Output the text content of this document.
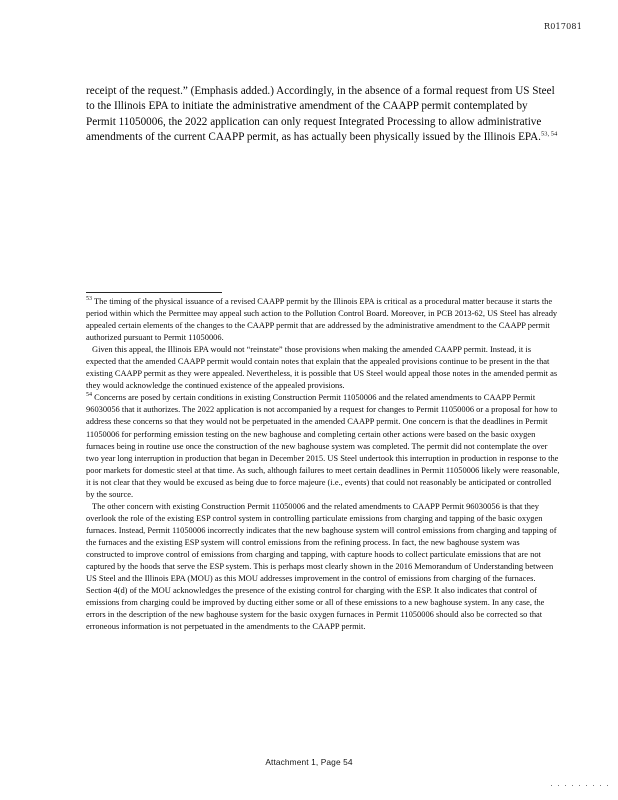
R017081
receipt of the request.” (Emphasis added.) Accordingly, in the absence of a formal request from US Steel to the Illinois EPA to initiate the administrative amendment of the CAAPP permit contemplated by Permit 11050006, the 2022 application can only request Integrated Processing to allow administrative amendments of the current CAAPP permit, as has actually been physically issued by the Illinois EPA.$^{53, 54}$

$^{53}$ The timing of the physical issuance of a revised CAAPP permit by the Illinois EPA is critical as a procedural matter because it starts the period within which the Permittee may appeal such action to the Pollution Control Board. Moreover, in PCB 2013-62, US Steel has already appealed certain elements of the changes to the CAAPP permit that are addressed by the administrative amendment to the CAAPP permit authorized pursuant to Permit 11050006.

Given this appeal, the Illinois EPA would not “reinstate” those provisions when making the amended CAAPP permit. Instead, it is expected that the amended CAAPP permit would contain notes that explain that the appealed provisions continue to be present in the that existing CAAPP permit as they were appealed. Nevertheless, it is possible that US Steel would appeal those notes in the amended permit as they would acknowledge the continued existence of the appealed provisions.

$^{54}$ Concerns are posed by certain conditions in existing Construction Permit 11050006 and the related amendments to CAAPP Permit 96030056 that it authorizes. The 2022 application is not accompanied by a request for changes to Permit 11050006 or a proposal for how to address these concerns so that they would not be perpetuated in the amended CAAPP permit. One concern is that the deadlines in Permit 11050006 for performing emission testing on the new baghouse and completing certain other actions were based on the basic oxygen furnaces being in routine use once the construction of the new baghouse system was completed. The permit did not contemplate the over two year long interruption in production that began in December 2015. US Steel undertook this interruption in production in response to the poor markets for domestic steel at that time. As such, although failures to meet certain deadlines in Permit 11050006 likely were reasonable, it is not clear that they would be excused as being due to force majeure (i.e., events) that could not reasonably be anticipated or controlled by the source.

The other concern with existing Construction Permit 11050006 and the related amendments to CAAPP Permit 96030056 is that they overlook the role of the existing ESP control system in controlling particulate emissions from charging and tapping of the basic oxygen furnaces. Instead, Permit 11050006 incorrectly indicates that the new baghouse system will control emissions from charging and tapping of the furnaces and the existing ESP system will control emissions from the refining process. In fact, the new baghouse system was constructed to improve control of emissions from charging and tapping, with capture hoods to collect particulate emissions that are not captured by the hoods that serve the ESP system. This is perhaps most clearly shown in the 2016 Memorandum of Understanding between US Steel and the Illinois EPA (MOU) as this MOU addresses improvement in the control of emissions from charging of the furnaces. Section 4(d) of the MOU acknowledges the presence of the existing control for charging with the ESP. It also indicates that control of emissions from charging could be improved by ducting either some or all of these emissions to a new baghouse system. In any case, the errors in the description of the new baghouse system for the basic oxygen furnaces in Permit 11050006 should also be corrected so that erroneous information is not perpetuated in the amendments to the CAAPP permit.

Attachment 1, Page 54
